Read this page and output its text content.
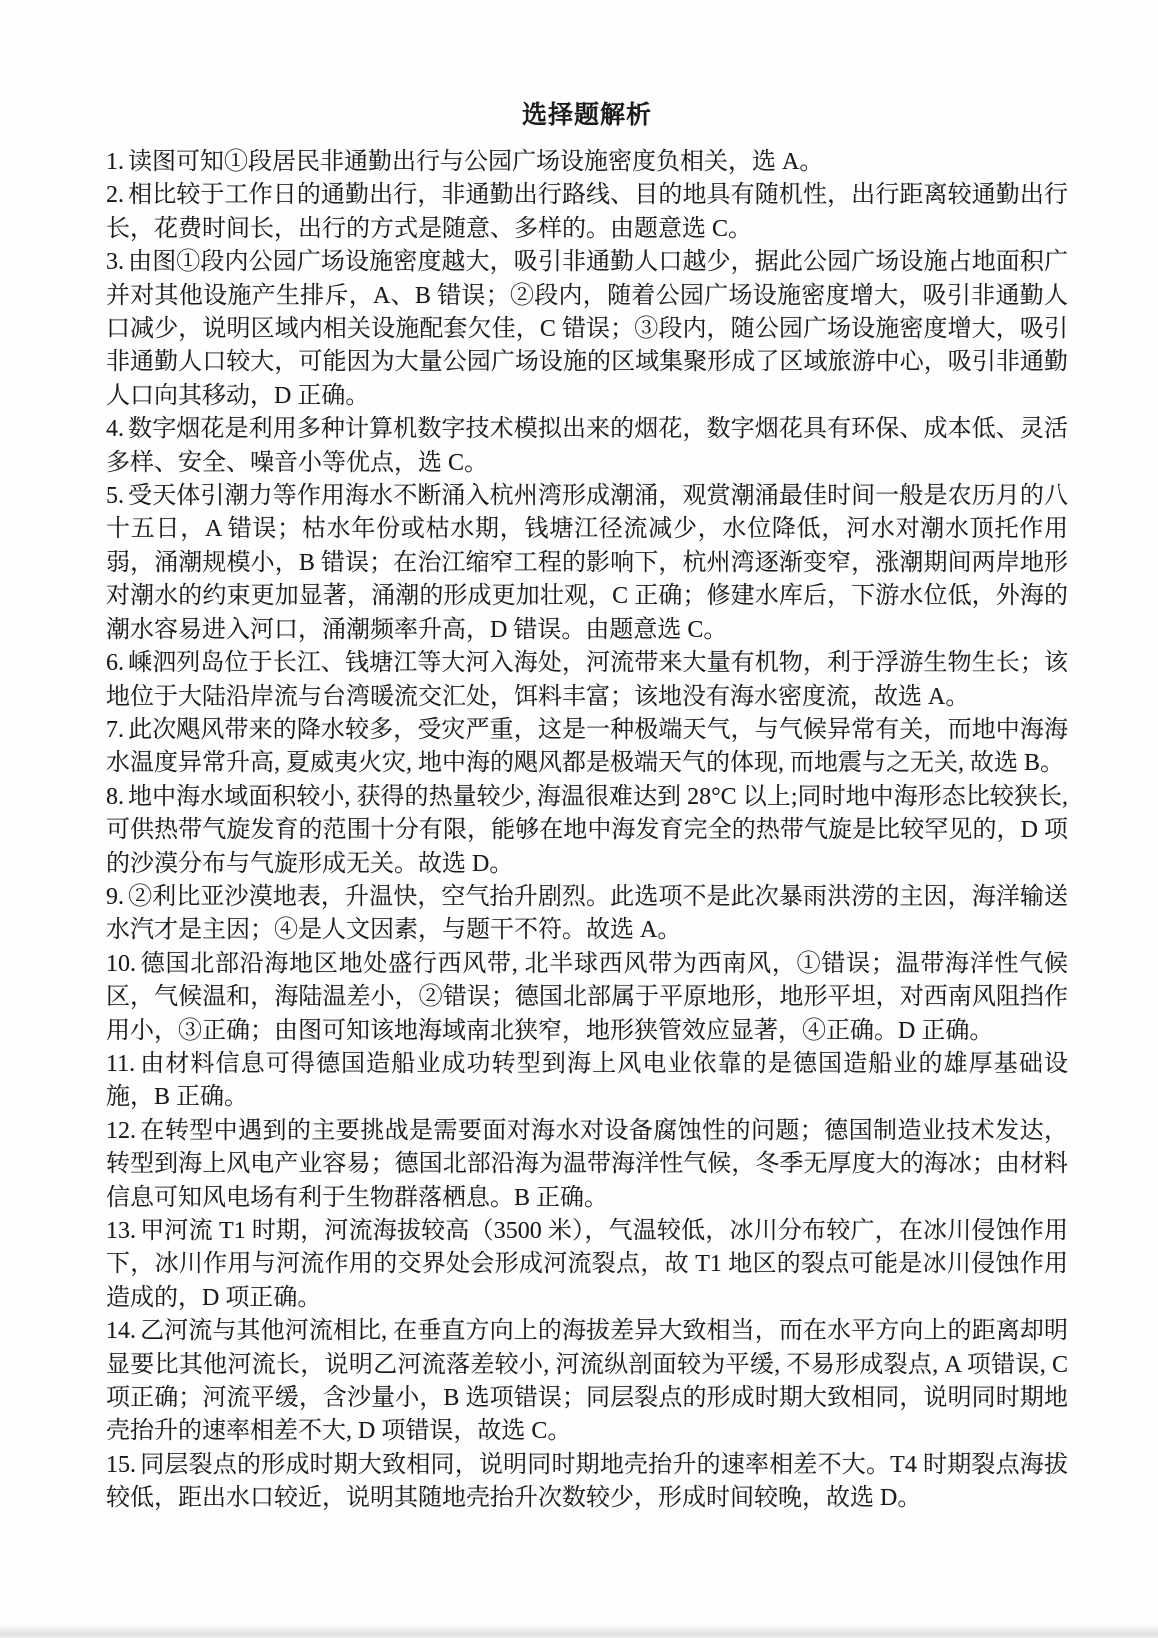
选择题解析

1. 读图可知①段居民非通勤出行与公园广场设施密度负相关，选 A。

2. 相比较于工作日的通勤出行，非通勤出行路线、目的地具有随机性，出行距离较通勤出行长，花费时间长，出行的方式是随意、多样的。由题意选 C。

3. 由图①段内公园广场设施密度越大，吸引非通勤人口越少，据此公园广场设施占地面积广并对其他设施产生排斥，A、B 错误；②段内，随着公园广场设施密度增大，吸引非通勤人口减少，说明区域内相关设施配套欠佳，C 错误；③段内，随公园广场设施密度增大，吸引非通勤人口较大，可能因为大量公园广场设施的区域集聚形成了区域旅游中心，吸引非通勤人口向其移动，D 正确。

4. 数字烟花是利用多种计算机数字技术模拟出来的烟花，数字烟花具有环保、成本低、灵活多样、安全、噪音小等优点，选 C。

5. 受天体引潮力等作用海水不断涌入杭州湾形成潮涌，观赏潮涌最佳时间一般是农历月的八十五日，A 错误；枯水年份或枯水期，钱塘江径流减少，水位降低，河水对潮水顶托作用弱，涌潮规模小，B 错误；在治江缩窄工程的影响下，杭州湾逐渐变窄，涨潮期间两岸地形对潮水的约束更加显著，涌潮的形成更加壮观，C 正确；修建水库后，下游水位低，外海的潮水容易进入河口，涌潮频率升高，D 错误。由题意选 C。

6. 嵊泗列岛位于长江、钱塘江等大河入海处，河流带来大量有机物，利于浮游生物生长；该地位于大陆沿岸流与台湾暖流交汇处，饵料丰富；该地没有海水密度流，故选 A。

7. 此次飓风带来的降水较多，受灾严重，这是一种极端天气，与气候异常有关，而地中海海水温度异常升高, 夏威夷火灾, 地中海的飓风都是极端天气的体现, 而地震与之无关, 故选 B。

8. 地中海水域面积较小, 获得的热量较少, 海温很难达到 28°C 以上;同时地中海形态比较狭长,可供热带气旋发育的范围十分有限，能够在地中海发育完全的热带气旋是比较罕见的，D 项的沙漠分布与气旋形成无关。故选 D。

9. ②利比亚沙漠地表，升温快，空气抬升剧烈。此选项不是此次暴雨洪涝的主因，海洋输送水汽才是主因；④是人文因素，与题干不符。故选 A。

10. 德国北部沿海地区地处盛行西风带, 北半球西风带为西南风，①错误；温带海洋性气候区，气候温和，海陆温差小，②错误；德国北部属于平原地形，地形平坦，对西南风阻挡作用小，③正确；由图可知该地海域南北狭窄，地形狭管效应显著，④正确。D 正确。

11. 由材料信息可得德国造船业成功转型到海上风电业依靠的是德国造船业的雄厚基础设施，B 正确。

12. 在转型中遇到的主要挑战是需要面对海水对设备腐蚀性的问题；德国制造业技术发达，转型到海上风电产业容易；德国北部沿海为温带海洋性气候，冬季无厚度大的海冰；由材料信息可知风电场有利于生物群落栖息。B 正确。

13. 甲河流 T1 时期，河流海拔较高（3500 米），气温较低，冰川分布较广，在冰川侵蚀作用下，冰川作用与河流作用的交界处会形成河流裂点，故 T1 地区的裂点可能是冰川侵蚀作用造成的，D 项正确。

14. 乙河流与其他河流相比, 在垂直方向上的海拔差异大致相当，而在水平方向上的距离却明显要比其他河流长，说明乙河流落差较小, 河流纵剖面较为平缓, 不易形成裂点, A 项错误, C 项正确；河流平缓，含沙量小，B 选项错误；同层裂点的形成时期大致相同，说明同时期地壳抬升的速率相差不大, D 项错误，故选 C。

15. 同层裂点的形成时期大致相同，说明同时期地壳抬升的速率相差不大。T4 时期裂点海拔较低，距出水口较近，说明其随地壳抬升次数较少，形成时间较晚，故选 D。
